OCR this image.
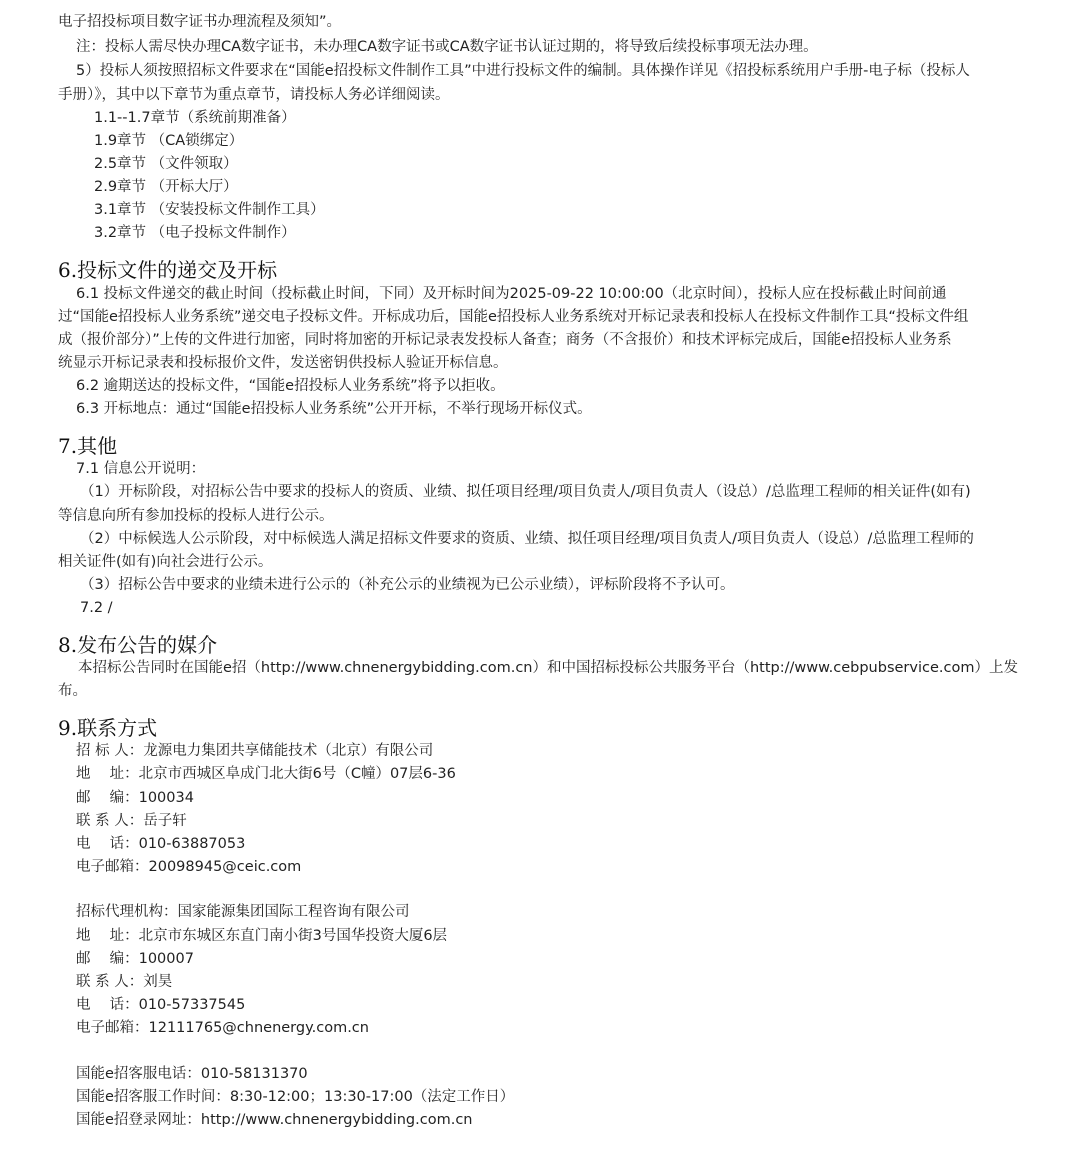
电子招投标项目数字证书办理流程及须知”。
注：投标人需尽快办理CA数字证书，未办理CA数字证书或CA数字证书认证过期的，将导致后续投标事项无法办理。
5）投标人须按照招标文件要求在“国能e招投标文件制作工具”中进行投标文件的编制。具体操作详见《招投标系统用户手册-电子标（投标人
手册）》，其中以下章节为重点章节，请投标人务必详细阅读。
1.1--1.7章节（系统前期准备）
1.9章节 （CA锁绑定）
2.5章节 （文件领取）
2.9章节 （开标大厅）
3.1章节 （安装投标文件制作工具）
3.2章节 （电子投标文件制作）
6.投标文件的递交及开标
6.1 投标文件递交的截止时间（投标截止时间，下同）及开标时间为2025-09-22 10:00:00（北京时间），投标人应在投标截止时间前通
过“国能e招投标人业务系统”递交电子投标文件。开标成功后，国能e招投标人业务系统对开标记录表和投标人在投标文件制作工具“投标文件组
成（报价部分）”上传的文件进行加密，同时将加密的开标记录表发投标人备查；商务（不含报价）和技术评标完成后，国能e招投标人业务系
统显示开标记录表和投标报价文件，发送密钥供投标人验证开标信息。
6.2 逾期送达的投标文件，“国能e招投标人业务系统”将予以拒收。
6.3 开标地点：通过“国能e招投标人业务系统”公开开标，不举行现场开标仪式。
7.其他
7.1 信息公开说明：
（1）开标阶段，对招标公告中要求的投标人的资质、业绩、拟任项目经理/项目负责人/项目负责人（设总）/总监理工程师的相关证件(如有)
等信息向所有参加投标的投标人进行公示。
（2）中标候选人公示阶段，对中标候选人满足招标文件要求的资质、业绩、拟任项目经理/项目负责人/项目负责人（设总）/总监理工程师的
相关证件(如有)向社会进行公示。
（3）招标公告中要求的业绩未进行公示的（补充公示的业绩视为已公示业绩），评标阶段将不予认可。
7.2 /
8.发布公告的媒介
本招标公告同时在国能e招（http://www.chnenergybidding.com.cn）和中国招标投标公共服务平台（http://www.cebpubservice.com）上发
布。
9.联系方式
招 标 人：龙源电力集团共享储能技术（北京）有限公司
地　 址：北京市西城区阜成门北大街6号（C幢）07层6-36
邮　 编：100034
联 系 人：岳子轩
电　 话：010-63887053
电子邮箱：20098945@ceic.com
招标代理机构：国家能源集团国际工程咨询有限公司
地　 址：北京市东城区东直门南小街3号国华投资大厦6层
邮　 编：100007
联 系 人：刘昊
电　 话：010-57337545
电子邮箱：12111765@chnenergy.com.cn
国能e招客服电话：010-58131370
国能e招客服工作时间：8:30-12:00；13:30-17:00（法定工作日）
国能e招登录网址：http://www.chnenergybidding.com.cn
